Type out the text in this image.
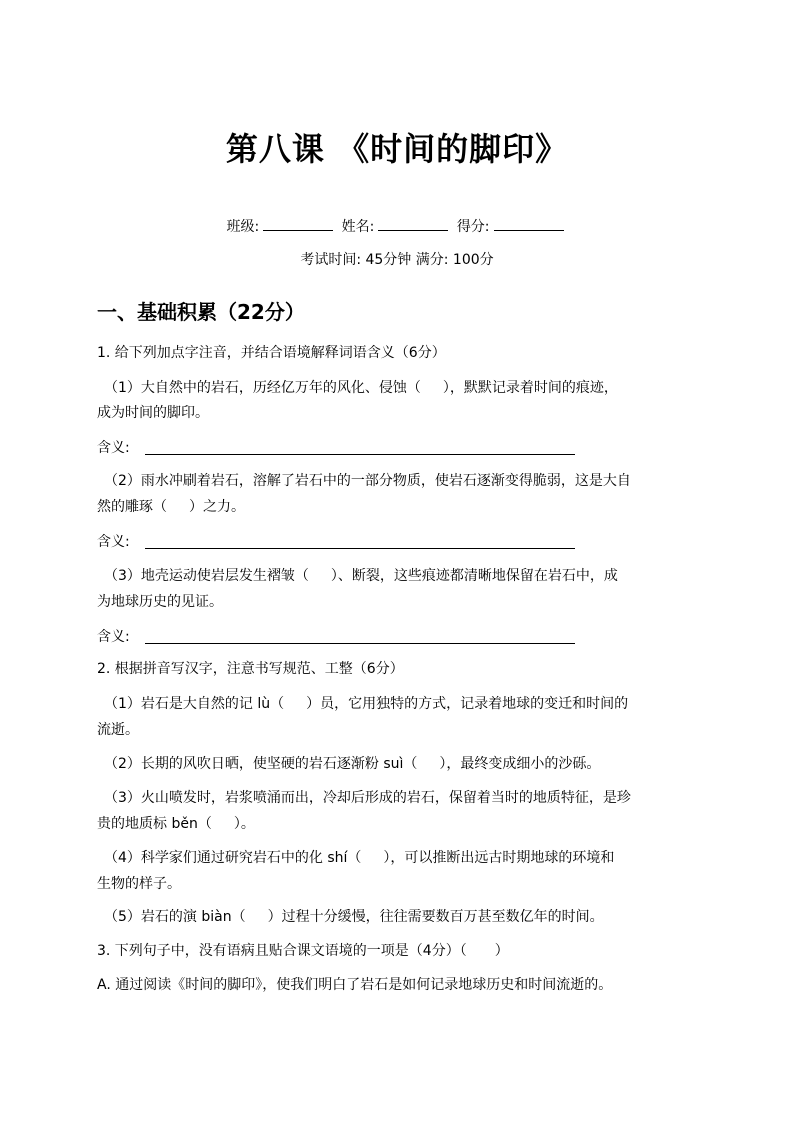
第八课 《时间的脚印》
班级:	姓名:	得分:
考试时间: 45分钟 满分: 100分
一、基础积累（22分）
1. 给下列加点字注音，并结合语境解释词语含义（6分）
（1）大自然中的岩石，历经亿万年的风化、侵蚀（ ），默默记录着时间的痕迹，
成为时间的脚印。
含义:
（2）雨水冲刷着岩石，溶解了岩石中的一部分物质，使岩石逐渐变得脆弱，这是大自
然的雕琢（ ）之力。
含义:
（3）地壳运动使岩层发生褶皱（ ）、断裂，这些痕迹都清晰地保留在岩石中，成
为地球历史的见证。
含义:
2. 根据拼音写汉字，注意书写规范、工整（6分）
（1）岩石是大自然的记 lù（ ）员，它用独特的方式，记录着地球的变迁和时间的
流逝。
（2）长期的风吹日晒，使坚硬的岩石逐渐粉 suì（ ），最终变成细小的沙砾。
（3）火山喷发时，岩浆喷涌而出，冷却后形成的岩石，保留着当时的地质特征，是珍
贵的地质标 běn（ ）。
（4）科学家们通过研究岩石中的化 shí（ ），可以推断出远古时期地球的环境和
生物的样子。
（5）岩石的演 biàn（ ）过程十分缓慢，往往需要数百万甚至数亿年的时间。
3. 下列句子中，没有语病且贴合课文语境的一项是（4分）（　　）
A. 通过阅读《时间的脚印》，使我们明白了岩石是如何记录地球历史和时间流逝的。
